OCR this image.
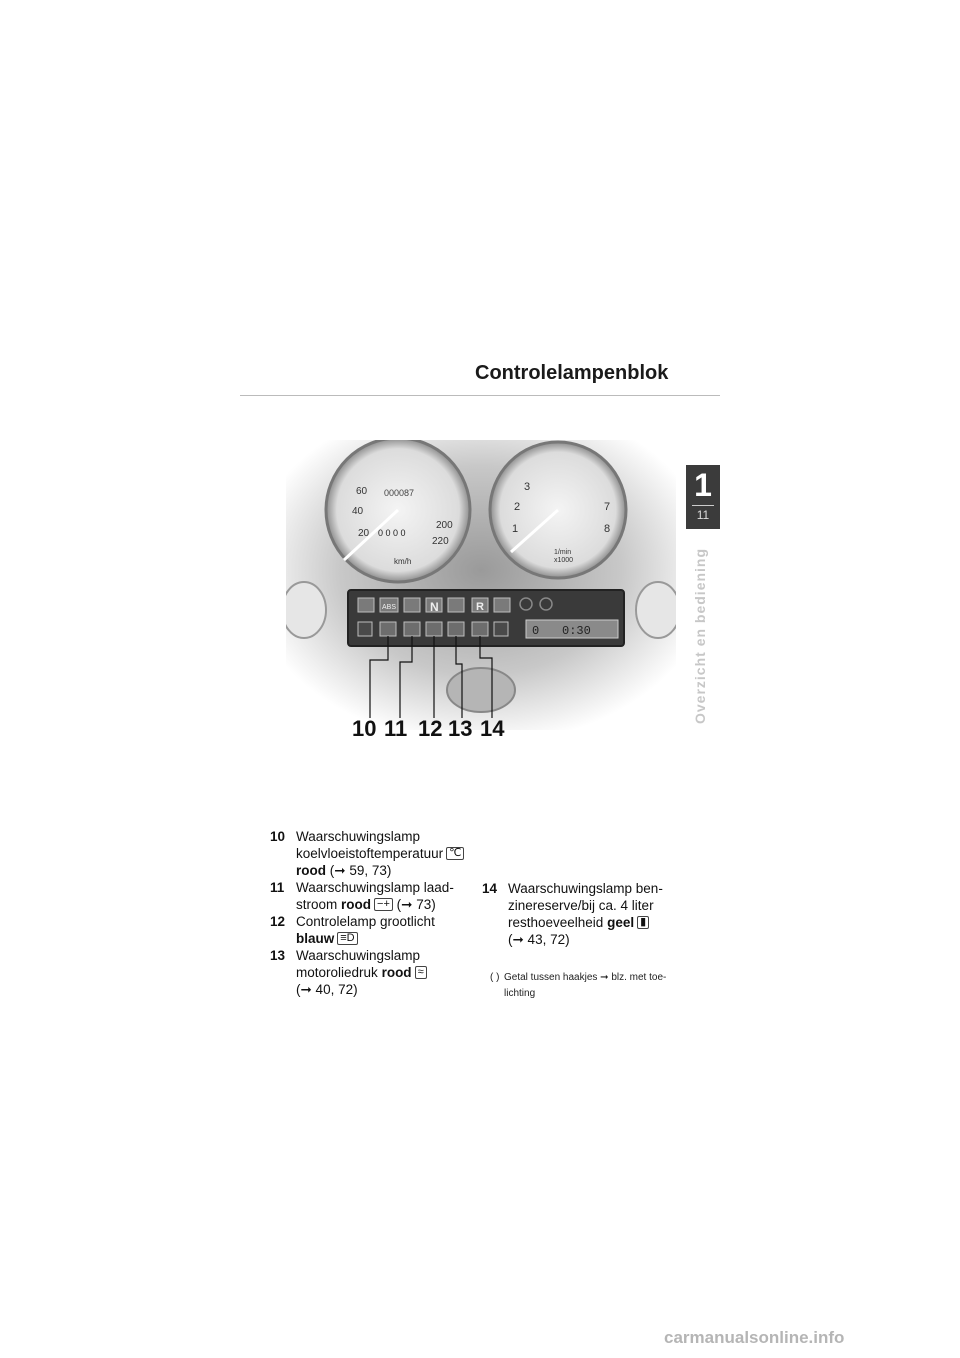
Controlelampenblok
1
11
Overzicht en bediening
20
40
60
200
220
000087
0 0 0 0
km/h
1
2
3
7
8
1/min
x1000
ABS	N	R
0 0:30
10 11 12 13 14
10 Waarschuwingslamp
koelvloeistoftemperatuur ℃
rood (➞ 59, 73)
11 Waarschuwingslamp laad-
stroom rood −+ (➞ 73)
12 Controlelamp grootlicht
blauw ≡D
13 Waarschuwingslamp
motoroliedruk rood ≈
(➞ 40, 72)
14 Waarschuwingslamp ben-
zinereserve/bij ca. 4 liter
resthoeveelheid geel ▮
(➞ 43, 72)
( ) Getal tussen haakjes ➞ blz. met toe-
lichting
carmanualsonline.info
